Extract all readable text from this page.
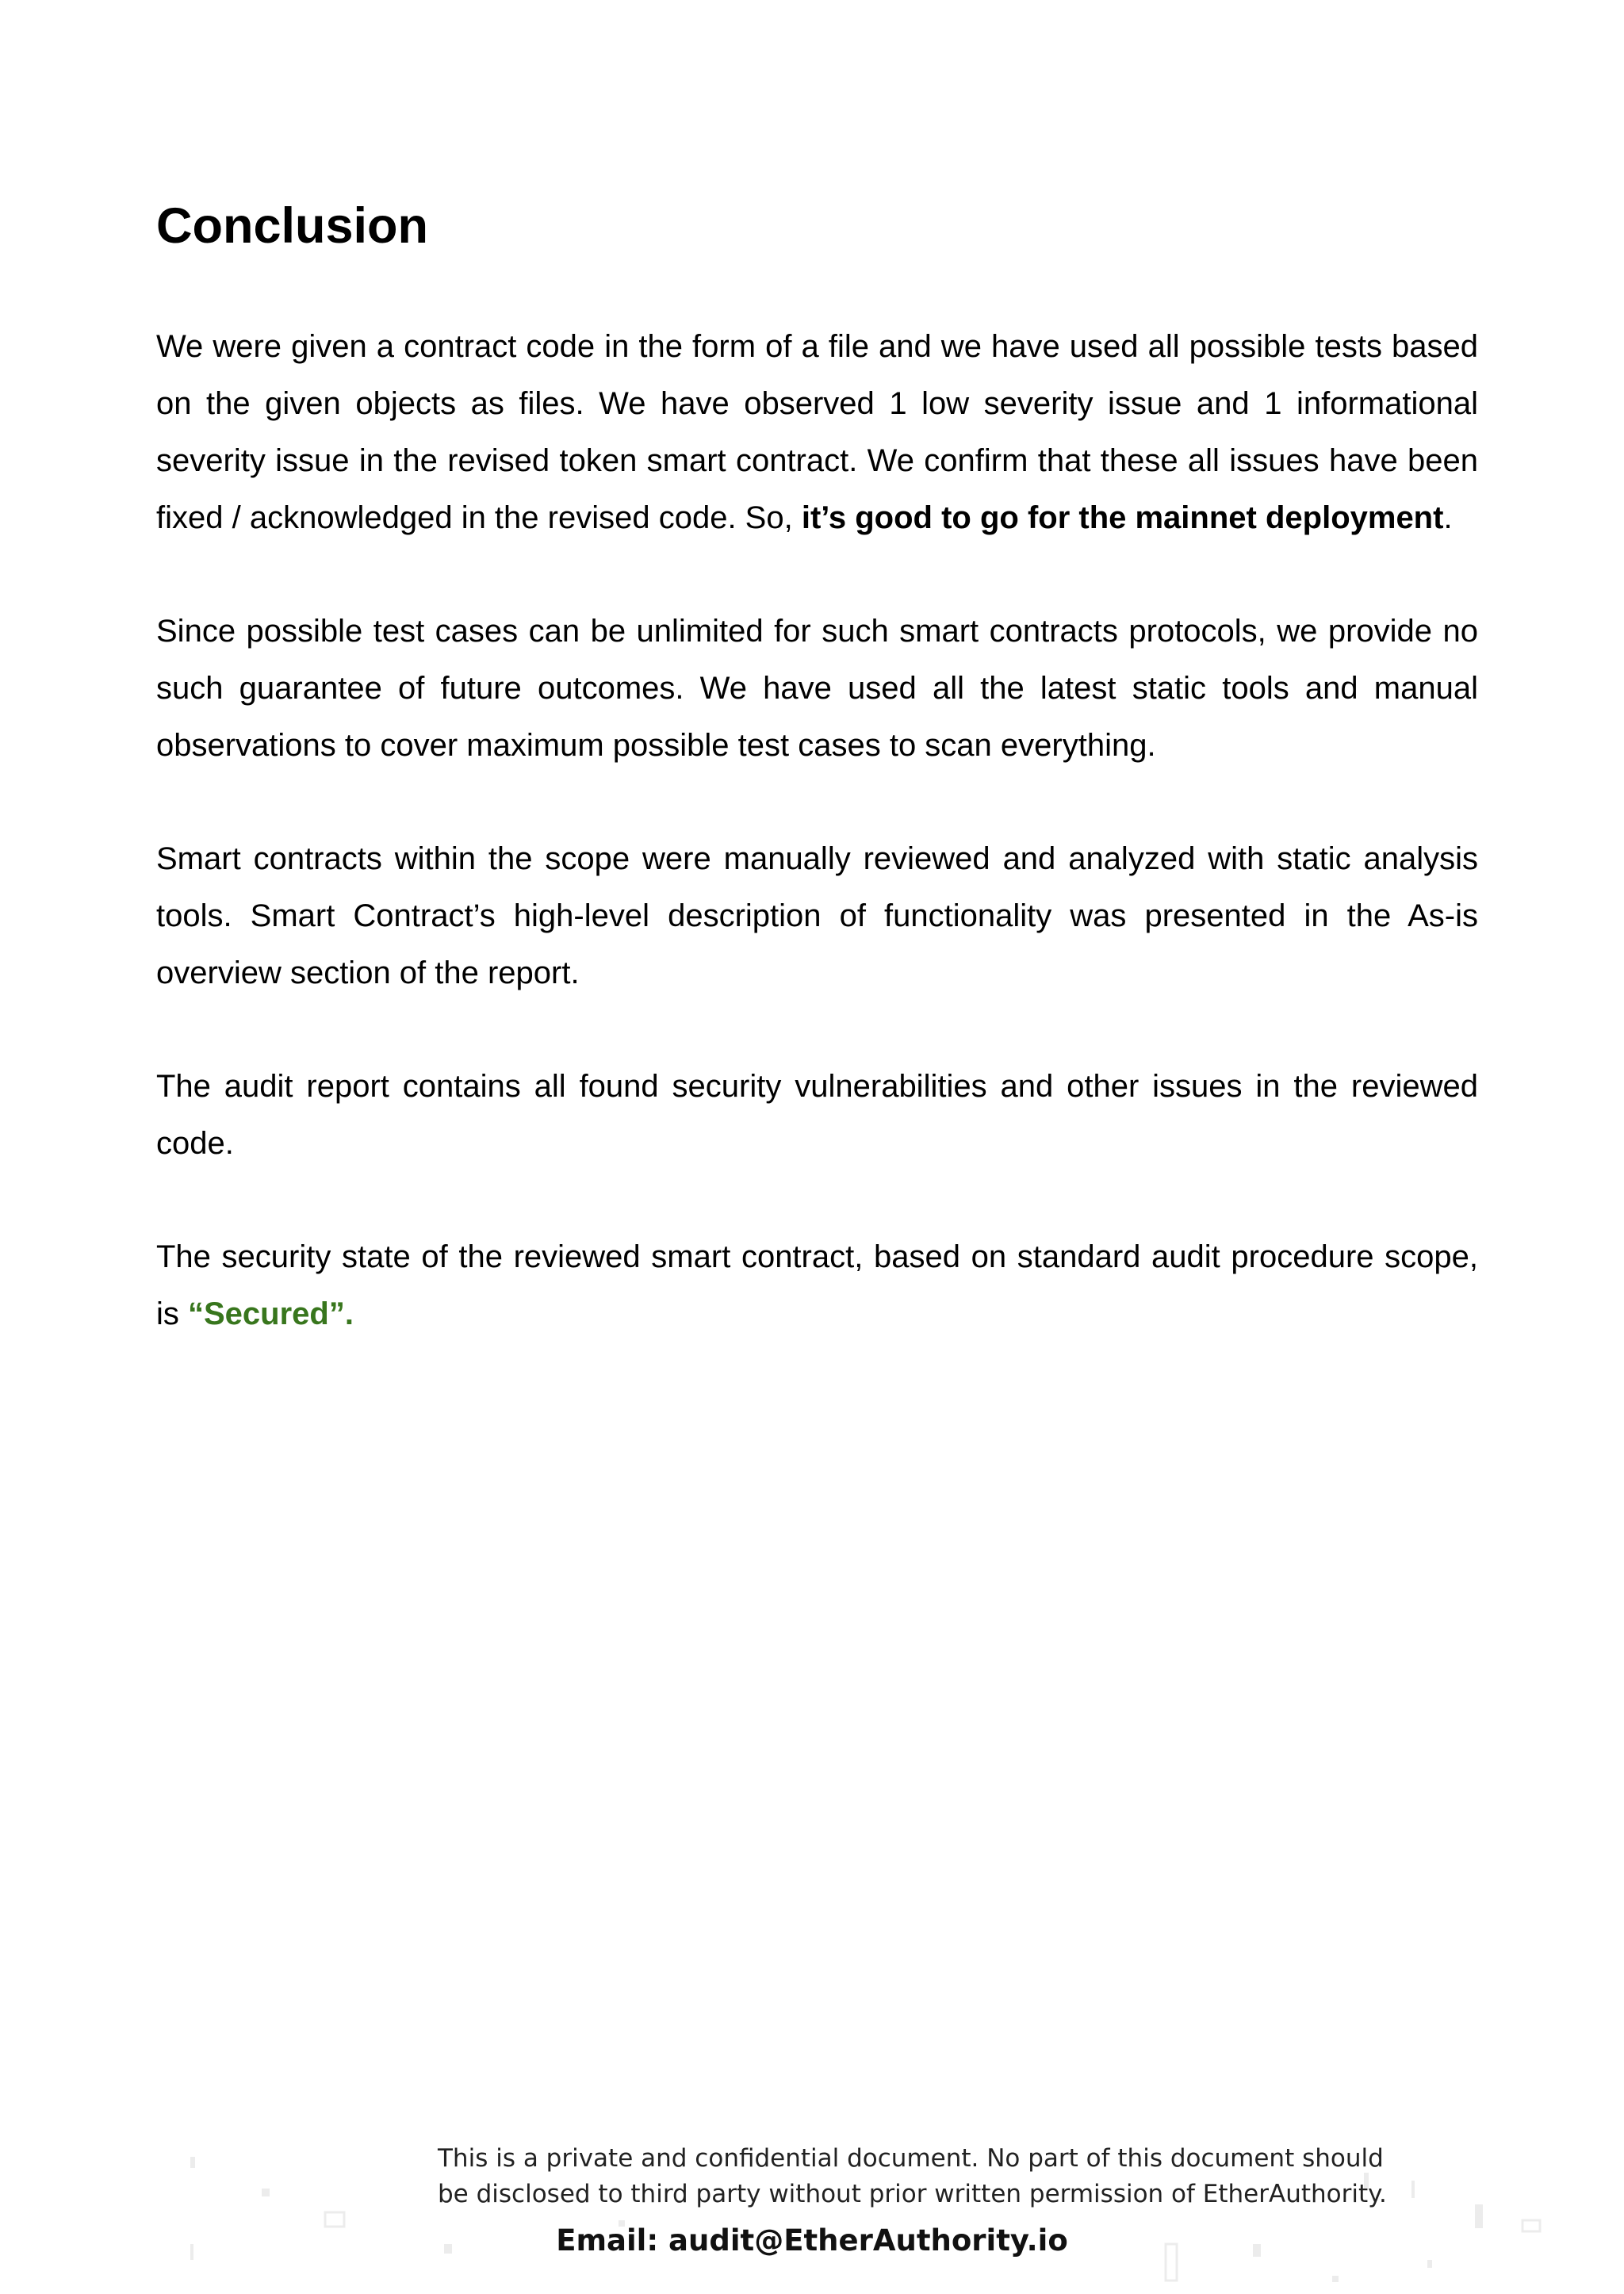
Conclusion

We were given a contract code in the form of a file and we have used all possible tests based on the given objects as files. We have observed 1 low severity issue and 1 informational severity issue in the revised token smart contract. We confirm that these all issues have been fixed / acknowledged in the revised code. So, it’s good to go for the mainnet deployment.

Since possible test cases can be unlimited for such smart contracts protocols, we provide no such guarantee of future outcomes. We have used all the latest static tools and manual observations to cover maximum possible test cases to scan everything.

Smart contracts within the scope were manually reviewed and analyzed with static analysis tools. Smart Contract’s high-level description of functionality was presented in the As-is overview section of the report.

The audit report contains all found security vulnerabilities and other issues in the reviewed code.

The security state of the reviewed smart contract, based on standard audit procedure scope, is “Secured”.

This is a private and confidential document. No part of this document should
be disclosed to third party without prior written permission of EtherAuthority.
Email: audit@EtherAuthority.io
